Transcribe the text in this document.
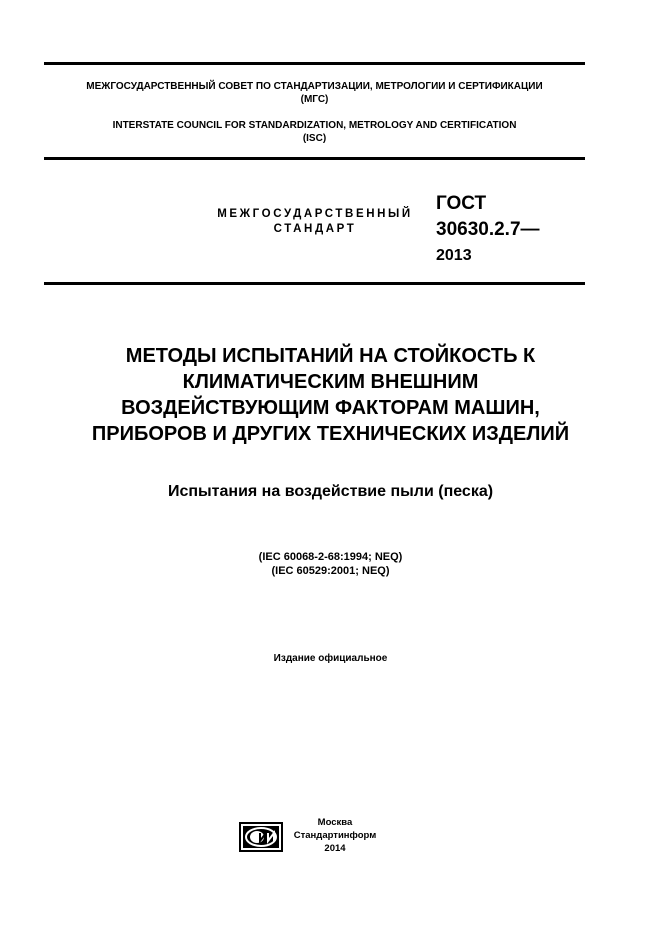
МЕЖГОСУДАРСТВЕННЫЙ СОВЕТ ПО СТАНДАРТИЗАЦИИ, МЕТРОЛОГИИ И СЕРТИФИКАЦИИ
(МГС)
INTERSTATE COUNCIL FOR STANDARDIZATION, METROLOGY AND CERTIFICATION
(ISC)
МЕЖГОСУДАРСТВЕННЫЙ
СТАНДАРТ
ГОСТ
30630.2.7—
2013
МЕТОДЫ ИСПЫТАНИЙ НА СТОЙКОСТЬ К
КЛИМАТИЧЕСКИМ ВНЕШНИМ
ВОЗДЕЙСТВУЮЩИМ ФАКТОРАМ МАШИН,
ПРИБОРОВ И ДРУГИХ ТЕХНИЧЕСКИХ ИЗДЕЛИЙ
Испытания на воздействие пыли (песка)
(IEC 60068-2-68:1994; NEQ)
(IEC 60529:2001; NEQ)
Издание официальное
Москва
Стандартинформ
2014
